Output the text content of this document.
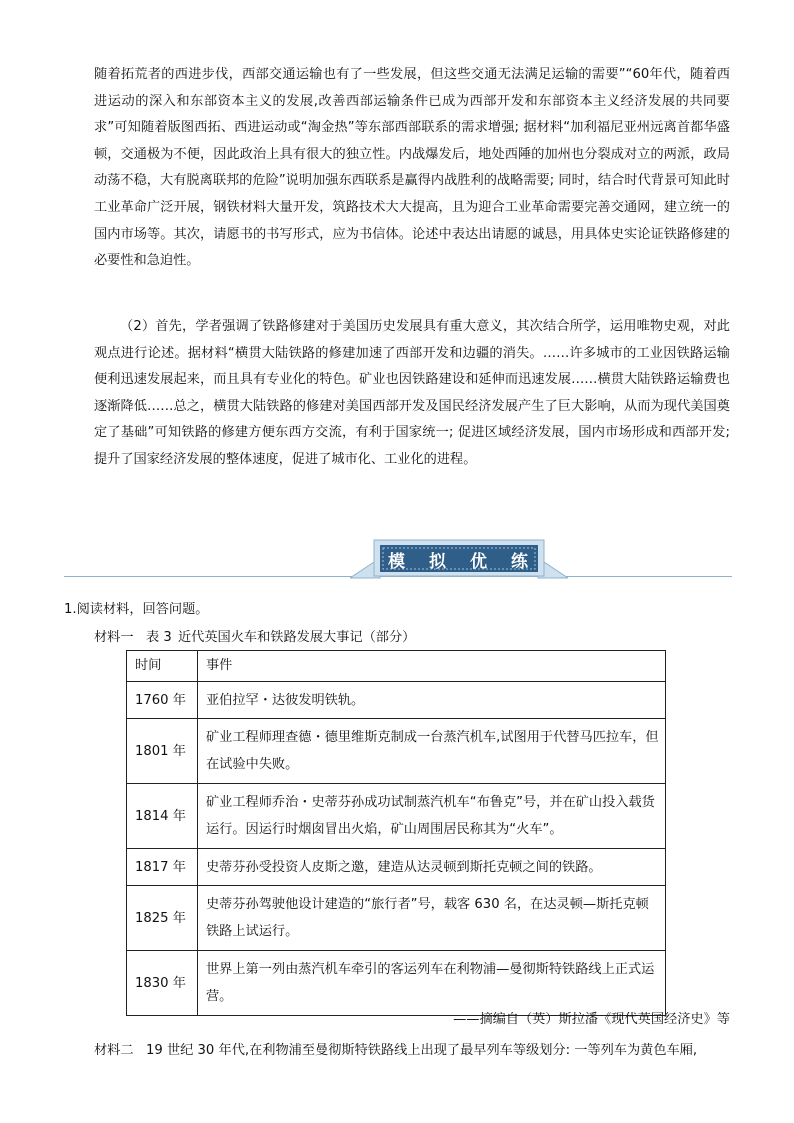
随着拓荒者的西进步伐，西部交通运输也有了一些发展，但这些交通无法满足运输的需要”“60年代，随着西进运动的深入和东部资本主义的发展,改善西部运输条件已成为西部开发和东部资本主义经济发展的共同要求”可知随着版图西拓、西进运动或“淘金热”等东部西部联系的需求增强; 据材料“加利福尼亚州远离首都华盛顿，交通极为不便，因此政治上具有很大的独立性。内战爆发后，地处西陲的加州也分裂成对立的两派，政局动荡不稳，大有脱离联邦的危险”说明加强东西联系是赢得内战胜利的战略需要; 同时，结合时代背景可知此时工业革命广泛开展，钢铁材料大量开发，筑路技术大大提高，且为迎合工业革命需要完善交通网，建立统一的国内市场等。其次，请愿书的书写形式，应为书信体。论述中表达出请愿的诚恳，用具体史实论证铁路修建的必要性和急迫性。

（2）首先，学者强调了铁路修建对于美国历史发展具有重大意义，其次结合所学，运用唯物史观，对此观点进行论述。据材料“横贯大陆铁路的修建加速了西部开发和边疆的消失。……许多城市的工业因铁路运输便利迅速发展起来，而且具有专业化的特色。矿业也因铁路建设和延伸而迅速发展……横贯大陆铁路运输费也逐渐降低……总之，横贯大陆铁路的修建对美国西部开发及国民经济发展产生了巨大影响，从而为现代美国奠定了基础”可知铁路的修建方便东西方交流，有利于国家统一; 促进区域经济发展，国内市场形成和西部开发; 提升了国家经济发展的整体速度，促进了城市化、工业化的进程。

模 拟 优 练

1.阅读材料，回答问题。

材料一 表 3 近代英国火车和铁路发展大事记（部分）

时间	事件
1760 年	亚伯拉罕・达彼发明铁轨。
1801 年	矿业工程师理查德・德里维斯克制成一台蒸汽机车,试图用于代替马匹拉车，但在试验中失败。
1814 年	矿业工程师乔治・史蒂芬孙成功试制蒸汽机车“布鲁克”号，并在矿山投入载货运行。因运行时烟囱冒出火焰，矿山周围居民称其为“火车”。
1817 年	史蒂芬孙受投资人皮斯之邀，建造从达灵顿到斯托克顿之间的铁路。
1825 年	史蒂芬孙驾驶他设计建造的“旅行者”号，载客 630 名，在达灵顿—斯托克顿铁路上试运行。
1830 年	世界上第一列由蒸汽机车牵引的客运列车在利物浦—曼彻斯特铁路线上正式运营。

——摘编自（英）斯拉潘《现代英国经济史》等

材料二 19 世纪 30 年代,在利物浦至曼彻斯特铁路线上出现了最早列车等级划分: 一等列车为黄色车厢,
